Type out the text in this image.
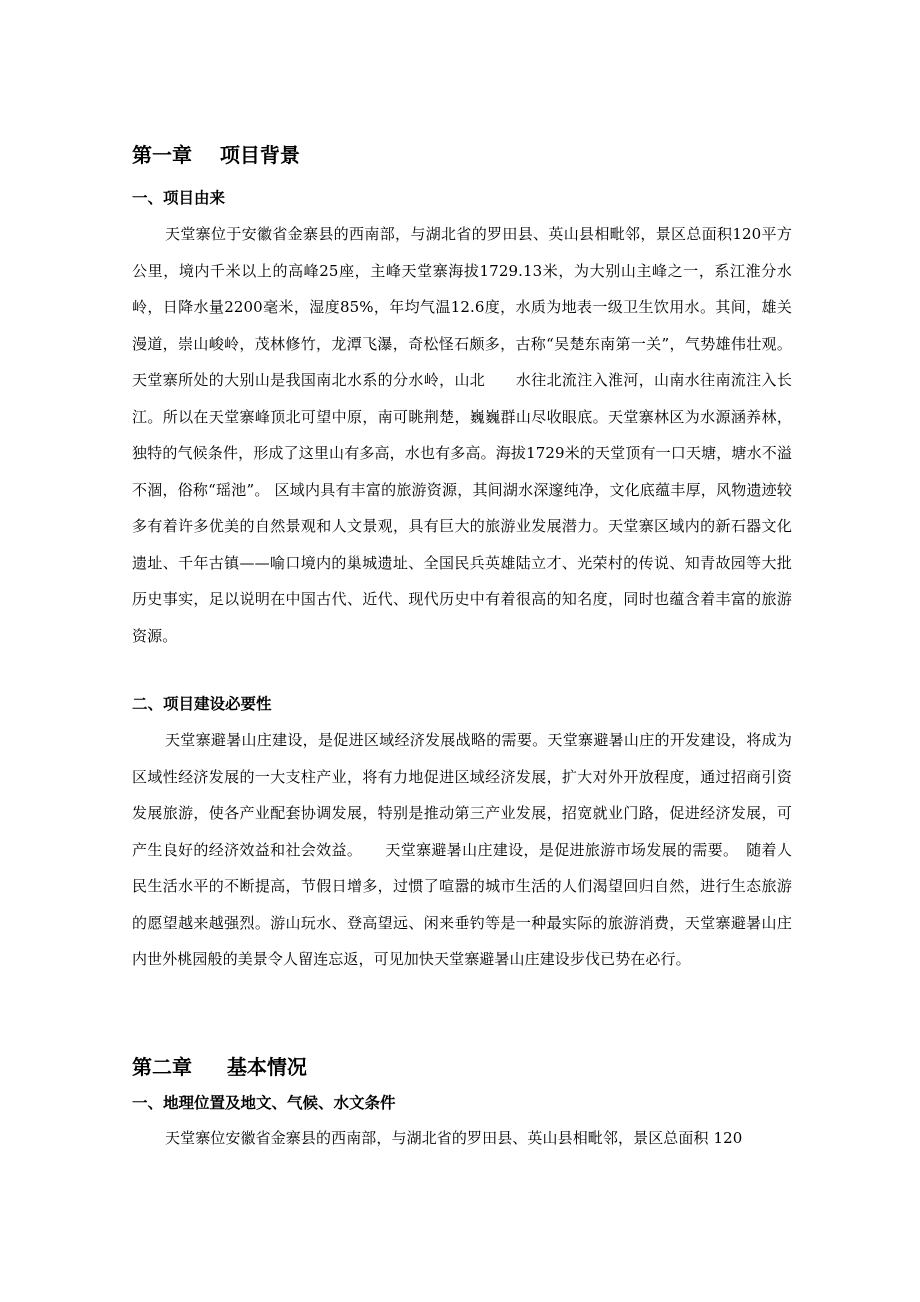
第一章    项目背景
一、项目由来

天堂寨位于安徽省金寨县的西南部，与湖北省的罗田县、英山县相毗邻，景区总面积120平方公里，境内千米以上的高峰25座，主峰天堂寨海拔1729.13米，为大别山主峰之一，系江淮分水岭，日降水量2200毫米，湿度85%，年均气温12.6度，水质为地表一级卫生饮用水。其间，雄关漫道，崇山峻岭，茂林修竹，龙潭飞瀑，奇松怪石颇多，古称“吴楚东南第一关”，气势雄伟壮观。天堂寨所处的大别山是我国南北水系的分水岭，山北　　水往北流注入淮河，山南水往南流注入长江。所以在天堂寨峰顶北可望中原，南可眺荆楚，巍巍群山尽收眼底。天堂寨林区为水源涵养林，独特的气候条件，形成了这里山有多高，水也有多高。海拔1729米的天堂顶有一口天塘，塘水不溢不涸，俗称“瑶池”。 区域内具有丰富的旅游资源，其间湖水深邃纯净，文化底蕴丰厚，风物遗迹较多有着许多优美的自然景观和人文景观，具有巨大的旅游业发展潜力。天堂寨区域内的新石器文化遗址、千年古镇——喻口境内的巢城遗址、全国民兵英雄陆立才、光荣村的传说、知青故园等大批历史事实，足以说明在中国古代、近代、现代历史中有着很高的知名度，同时也蕴含着丰富的旅游资源。

二、项目建设必要性

天堂寨避暑山庄建设，是促进区域经济发展战略的需要。天堂寨避暑山庄的开发建设，将成为区域性经济发展的一大支柱产业，将有力地促进区域经济发展，扩大对外开放程度，通过招商引资发展旅游，使各产业配套协调发展，特别是推动第三产业发展，招宽就业门路，促进经济发展，可产生良好的经济效益和社会效益。　　天堂寨避暑山庄建设，是促进旅游市场发展的需要。　随着人民生活水平的不断提高，节假日增多，过惯了喧嚣的城市生活的人们渴望回归自然，进行生态旅游的愿望越来越强烈。游山玩水、登高望远、闲来垂钓等是一种最实际的旅游消费，天堂寨避暑山庄内世外桃园般的美景令人留连忘返，可见加快天堂寨避暑山庄建设步伐已势在必行。

第二章     基本情况
一、地理位置及地文、气候、水文条件

天堂寨位安徽省金寨县的西南部，与湖北省的罗田县、英山县相毗邻，景区总面积 120
